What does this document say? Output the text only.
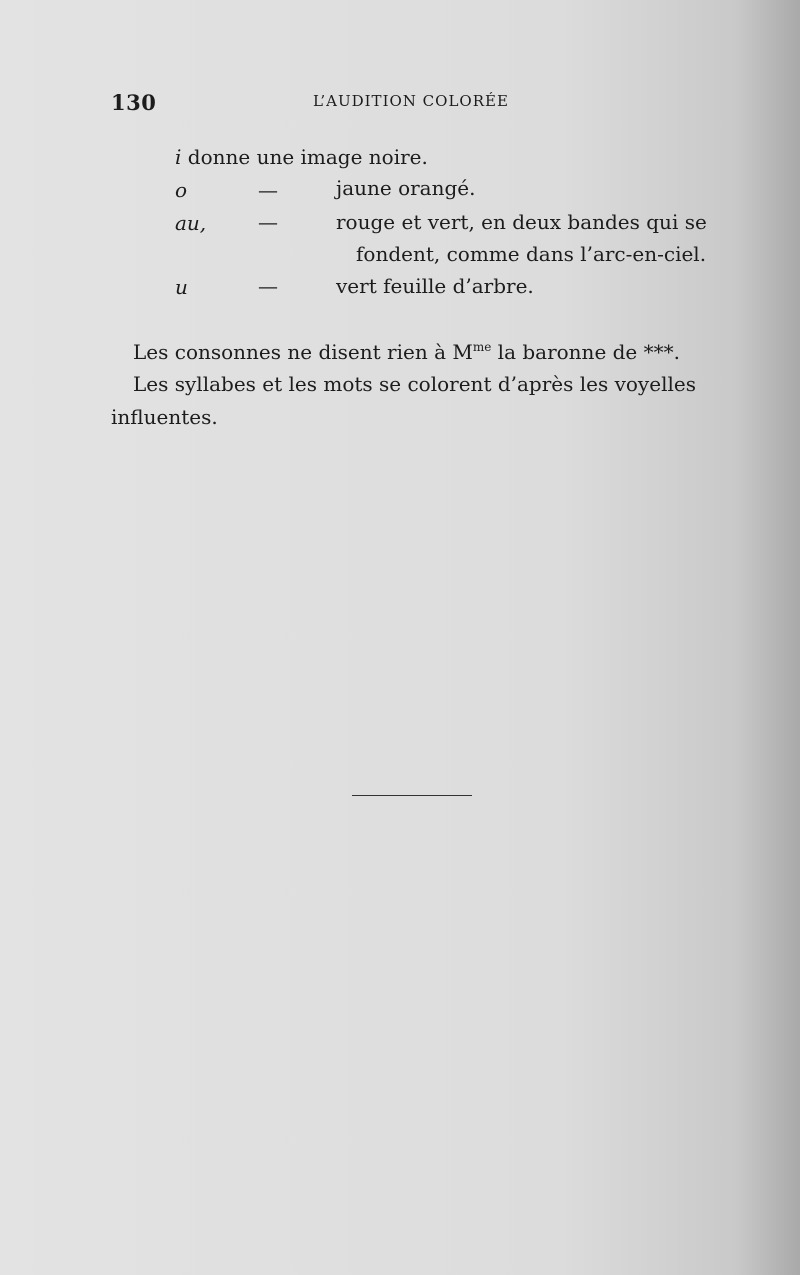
130	L’AUDITION COLORÉE
i donne une image noire.
o	—	jaune orangé.
au,	—	rouge et vert, en deux bandes qui se
fondent, comme dans l’arc-en-ciel.
u	—	vert feuille d’arbre.
Les consonnes ne disent rien à $M^{me}$ la baronne de ***.
Les syllabes et les mots se colorent d’après les voyelles
influentes.
